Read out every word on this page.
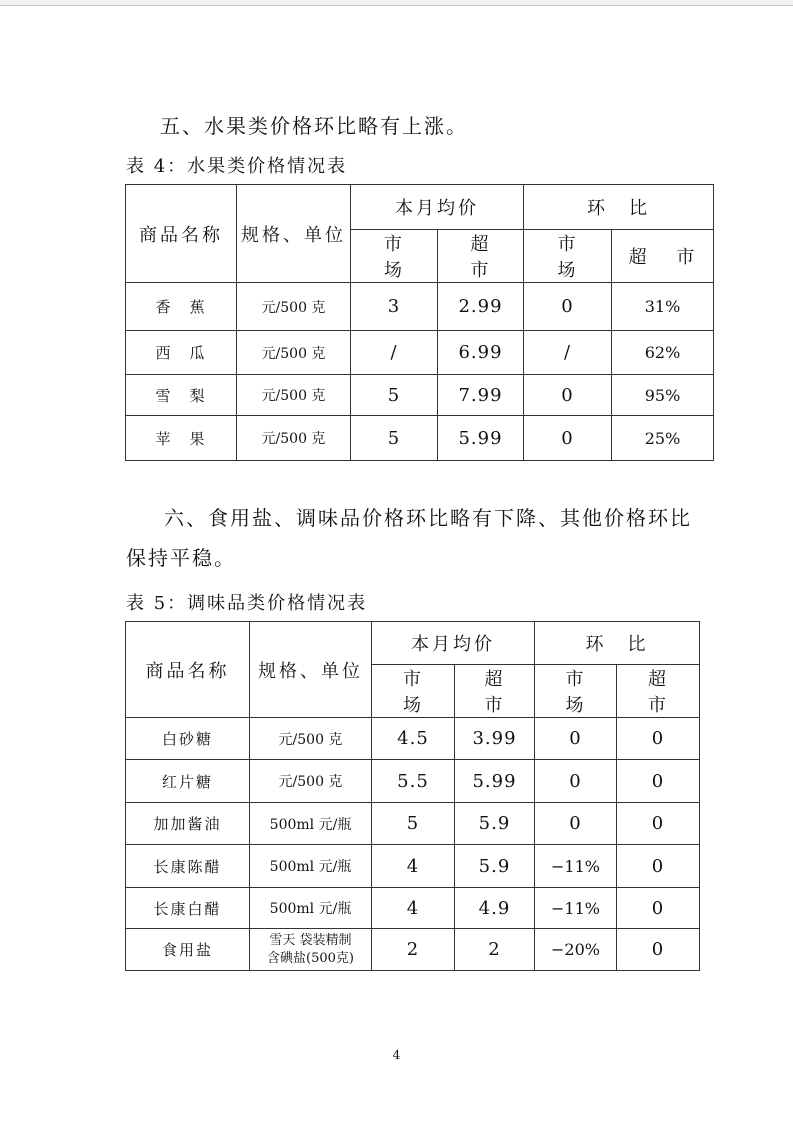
五、水果类价格环比略有上涨。

表 4：水果类价格情况表

商品名称	规格、单位	本月均价		环　比	
		市 场	超 市	市 场	超 市
香　蕉	元/500 克	3	2.99	0	31%
西　瓜	元/500 克	/	6.99	/	62%
雪　梨	元/500 克	5	7.99	0	95%
苹　果	元/500 克	5	5.99	0	25%

六、食用盐、调味品价格环比略有下降、其他价格环比

保持平稳。

表 5：调味品类价格情况表

商品名称	规格、单位	本月均价		环　比	
		市 场	超 市	市 场	超 市
白砂糖	元/500 克	4.5	3.99	0	0
红片糖	元/500 克	5.5	5.99	0	0
加加酱油	500ml 元/瓶	5	5.9	0	0
长康陈醋	500ml 元/瓶	4	5.9	−11%	0
长康白醋	500ml 元/瓶	4	4.9	−11%	0
食用盐	雪天 袋装精制
含碘盐(500克)	2	2	−20%	0
4
